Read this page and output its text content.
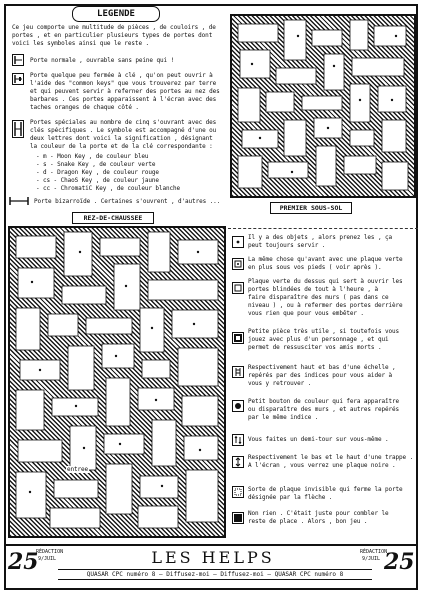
LEGENDE
Ce jeu comporte une multitude de pièces , de couloirs , de
portes , et en particulier plusieurs types de portes dont
voici les symboles ainsi que le reste .
Porte normale , ouvrable sans peine qui !
Porte quelque peu fermée à clé , qu'on peut ouvrir à
l'aide des "common keys" que vous trouverez par terre
et qui peuvent servir à referner des portes au nez des
barbares . Ces portes apparaissent à l'écran avec des
taches oranges de chaque côté .
Portes spéciales au nombre de cinq s'ouvrant avec des
clés spécifiques . Le symbole est accompagné d'une ou
deux lettres dont voici la signification , désignant
la couleur de la porte et de la clé correspondante :
- m - Moon Key , de couleur bleu
- s - Snake Key , de couleur verte
- d - Dragon Key , de couleur rouge
- cs - ChaoS Key , de couleur jaune
- cc - ChromatiC Key , de couleur blanche
Porte bizarroïde . Certaines s'ouvrent , d'autres ...
PREMIER SOUS-SOL
REZ-DE-CHAUSSEE
entree
Il y a des objets , alors prenez les , ça
peut toujours servir .
La même chose qu'avant avec une plaque verte
en plus sous vos pieds ( voir après ).
Plaque verte du dessus qui sert à ouvrir les
portes blindées de tout à l'heure , à
faire disparaître des murs ( pas dans ce
niveau ) , ou à refermer des portes derrière
vous rien que pour vous embêter .
Petite pièce très utile , si toutefois vous
jouez avec plus d'un personnage , et qui
permet de ressusciter vos amis morts .
Respectivement haut et bas d'une échelle ,
repérés par des indices pour vous aider à
vous y retrouver .
Petit bouton de couleur qui fera apparaître
ou disparaître des murs , et autres repérés
par le même indice .
Vous faites un demi-tour sur vous-même .
Respectivement le bas et le haut d'une trappe .
A l'écran , vous verrez une plaque noire .
Sorte de plaque invisible qui ferme la porte
désignée par la flèche .
Non rien . C'était juste pour combler le
reste de place . Alors , bon jeu .
25
RÉDACTION
9/JUIL	LES HELPS	RÉDACTION
9/JUIL 25
QUASAR CPC numéro 8 — Diffusez-moi — Diffusez-moi — QUASAR CPC numéro 8
